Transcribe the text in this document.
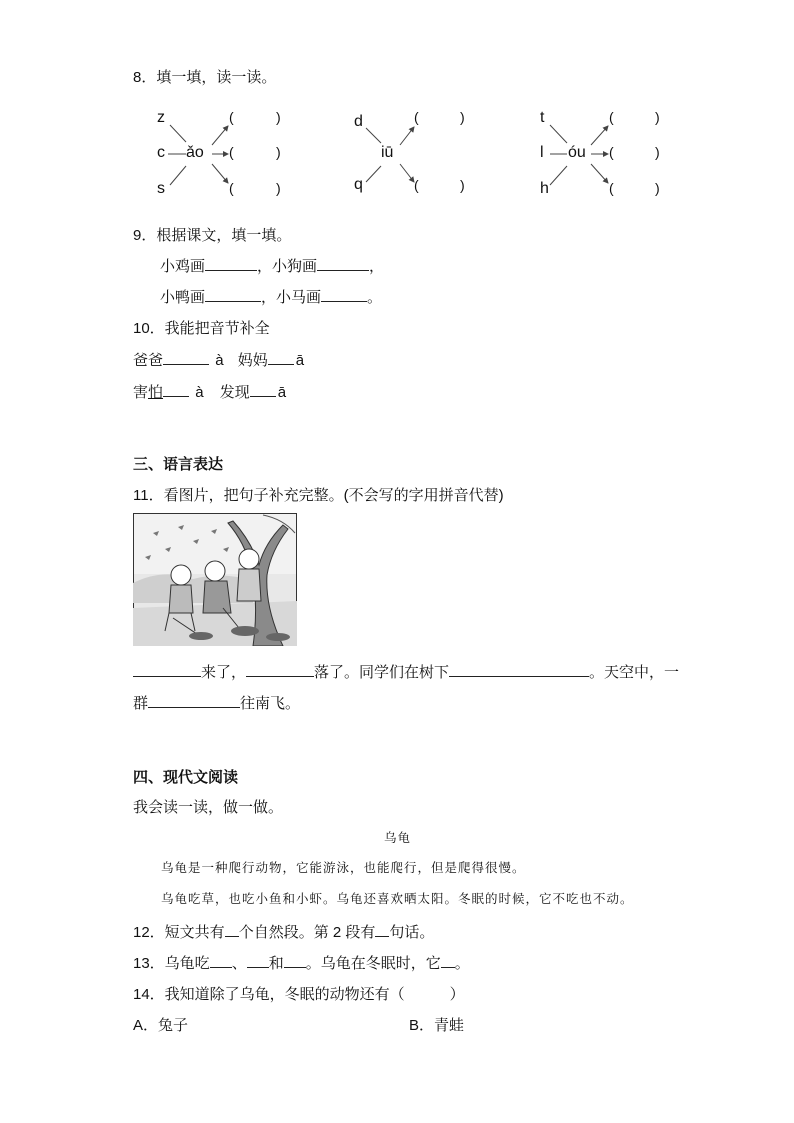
8．填一填，读一读。
z
c
s
ǎo
(	)
(	)
(	)
d
q
iū
(	)
(	)
t
l
h
óu
(	)
(	)
(	)
9．根据课文，填一填。
小鸡画	，小狗画	，
小鸭画	，小马画	。
10．我能把音节补全
爸爸	à 妈妈 ā
害怕 à 发现 ā
三、语言表达
11．看图片，把句子补充完整。(不会写的字用拼音代替)
来了，	落了。同学们在树下	。天空中，一
群	往南飞。
四、现代文阅读
我会读一读，做一做。
乌龟
乌龟是一种爬行动物，它能游泳，也能爬行，但是爬得很慢。
乌龟吃草，也吃小鱼和小虾。乌龟还喜欢晒太阳。冬眠的时候，它不吃也不动。
12．短文共有 个自然段。第 2 段有 句话。
13．乌龟吃 、 和 。乌龟在冬眠时，它 。
14．我知道除了乌龟，冬眠的动物还有（　　　）
A．兔子	B．青蛙
